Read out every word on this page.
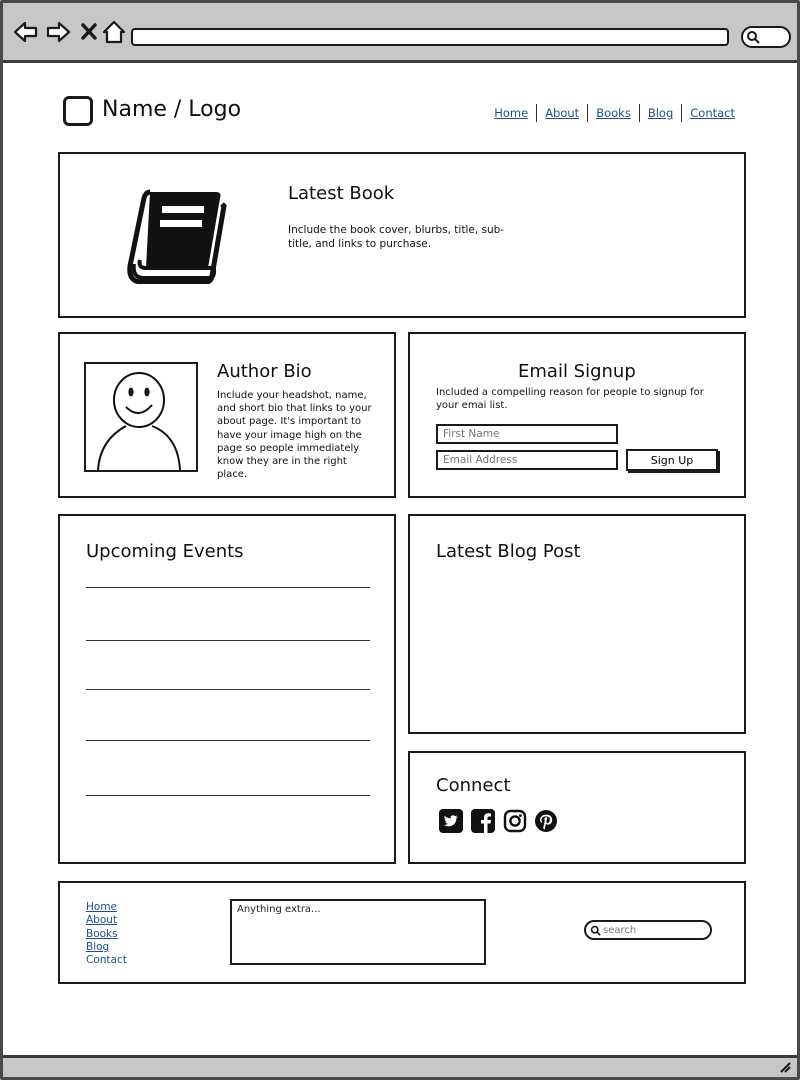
Name / Logo	Home	About	Books	Blog	Contact
Latest Book
Include the book cover, blurbs, title, sub-title, and links to purchase.
Author Bio
Include your headshot, name, and short bio that links to your about page. It's important to have your image high on the page so people immediately know they are in the right place.
Email Signup
Included a compelling reason for people to signup for your emai list.
First Name
Email Address
Sign Up
Upcoming Events	Latest Blog Post
Connect
Home
About
Books
Blog
Contact
Anything extra...
search
